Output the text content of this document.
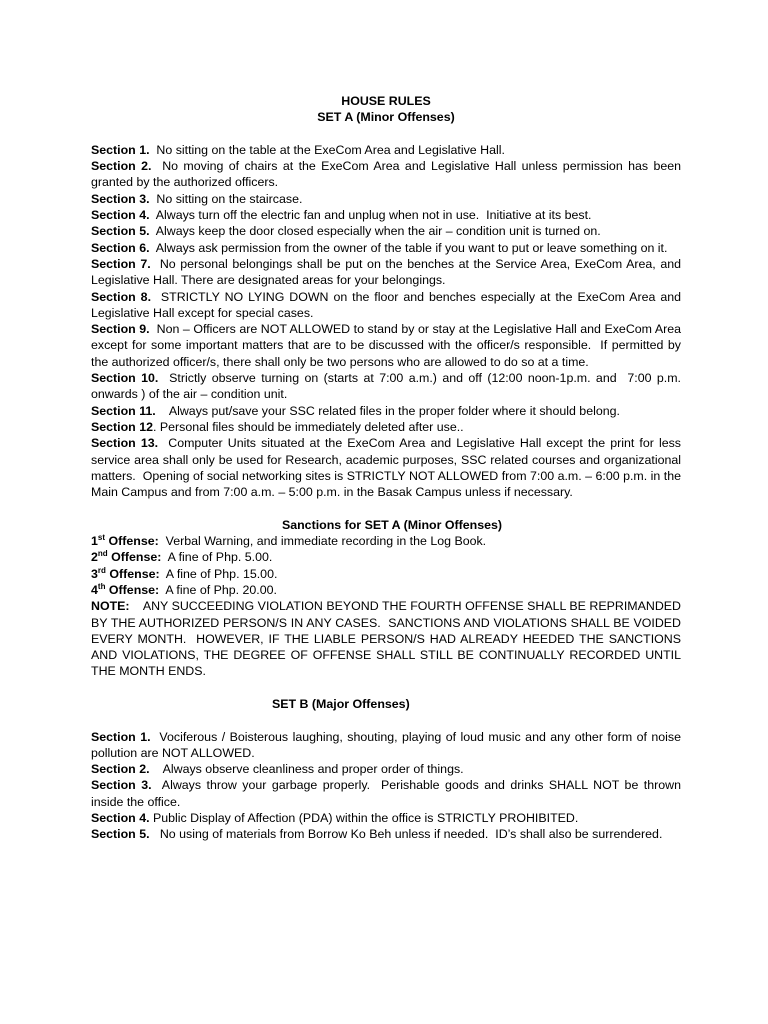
HOUSE RULES
SET A (Minor Offenses)

Section 1.  No sitting on the table at the ExeCom Area and Legislative Hall.

Section 2.  No moving of chairs at the ExeCom Area and Legislative Hall unless permission has been granted by the authorized officers.

Section 3.  No sitting on the staircase.

Section 4.  Always turn off the electric fan and unplug when not in use.  Initiative at its best.

Section 5.  Always keep the door closed especially when the air – condition unit is turned on.

Section 6.  Always ask permission from the owner of the table if you want to put or leave something on it.

Section 7.  No personal belongings shall be put on the benches at the Service Area, ExeCom Area, and Legislative Hall. There are designated areas for your belongings.

Section 8.  STRICTLY NO LYING DOWN on the floor and benches especially at the ExeCom Area and Legislative Hall except for special cases.

Section 9.  Non – Officers are NOT ALLOWED to stand by or stay at the Legislative Hall and ExeCom Area except for some important matters that are to be discussed with the officer/s responsible.  If permitted by the authorized officer/s, there shall only be two persons who are allowed to do so at a time.

Section 10.  Strictly observe turning on (starts at 7:00 a.m.) and off (12:00 noon-1p.m. and  7:00 p.m. onwards ) of the air – condition unit.

Section 11.    Always put/save your SSC related files in the proper folder where it should belong.

Section 12. Personal files should be immediately deleted after use..

Section 13.  Computer Units situated at the ExeCom Area and Legislative Hall except the print for less service area shall only be used for Research, academic purposes, SSC related courses and organizational matters.  Opening of social networking sites is STRICTLY NOT ALLOWED from 7:00 a.m. – 6:00 p.m. in the Main Campus and from 7:00 a.m. – 5:00 p.m. in the Basak Campus unless if necessary.

Sanctions for SET A (Minor Offenses)

1st Offense:  Verbal Warning, and immediate recording in the Log Book.

2nd Offense:  A fine of Php. 5.00.

3rd Offense:  A fine of Php. 15.00.

4th Offense:  A fine of Php. 20.00.

NOTE:    ANY SUCCEEDING VIOLATION BEYOND THE FOURTH OFFENSE SHALL BE REPRIMANDED BY THE AUTHORIZED PERSON/S IN ANY CASES.  SANCTIONS AND VIOLATIONS SHALL BE VOIDED EVERY MONTH.  HOWEVER, IF THE LIABLE PERSON/S HAD ALREADY HEEDED THE SANCTIONS AND VIOLATIONS, THE DEGREE OF OFFENSE SHALL STILL BE CONTINUALLY RECORDED UNTIL THE MONTH ENDS.

SET B (Major Offenses)

Section 1.  Vociferous / Boisterous laughing, shouting, playing of loud music and any other form of noise pollution are NOT ALLOWED.

Section 2.    Always observe cleanliness and proper order of things.

Section 3.  Always throw your garbage properly.  Perishable goods and drinks SHALL NOT be thrown inside the office.

Section 4. Public Display of Affection (PDA) within the office is STRICTLY PROHIBITED.

Section 5.   No using of materials from Borrow Ko Beh unless if needed.  ID’s shall also be surrendered.
